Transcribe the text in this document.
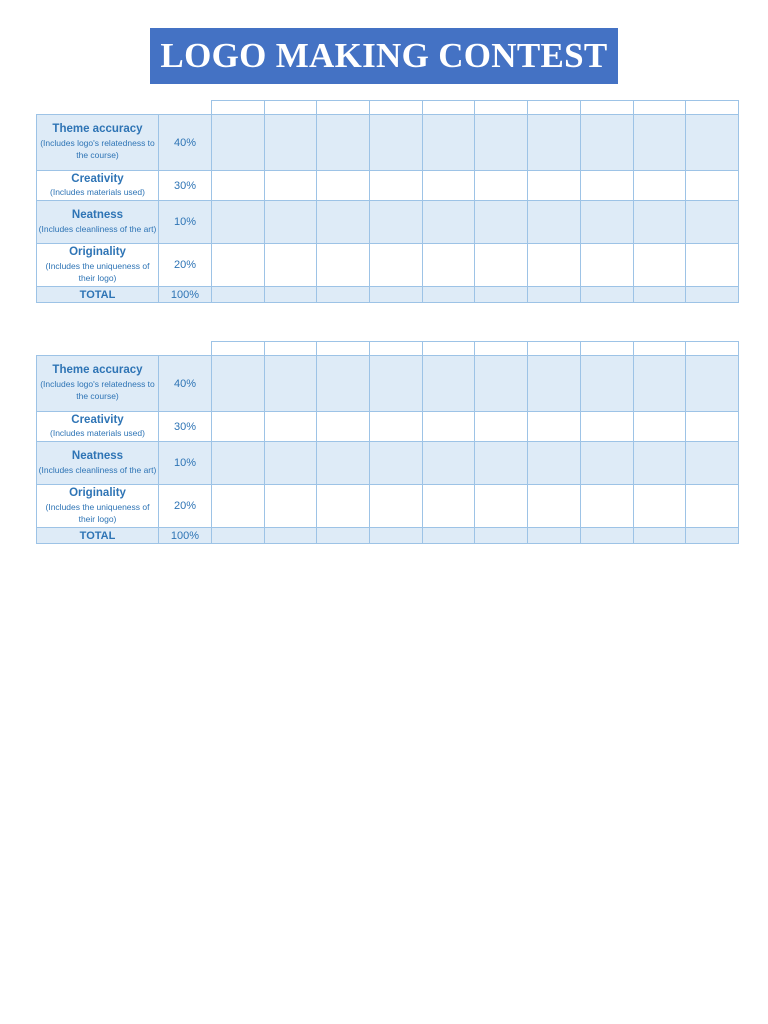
LOGO MAKING CONTEST

Theme accuracy
(Includes logo's relatedness to the course)	40%										

Creativity
(Includes materials used)	30%										

Neatness
(Includes cleanliness of the art)	10%										

Originality
(Includes the uniqueness of their logo)	20%										
TOTAL	100%										

Theme accuracy
(Includes logo's relatedness to the course)	40%										

Creativity
(Includes materials used)	30%										

Neatness
(Includes cleanliness of the art)	10%										

Originality
(Includes the uniqueness of their logo)	20%										
TOTAL	100%										
